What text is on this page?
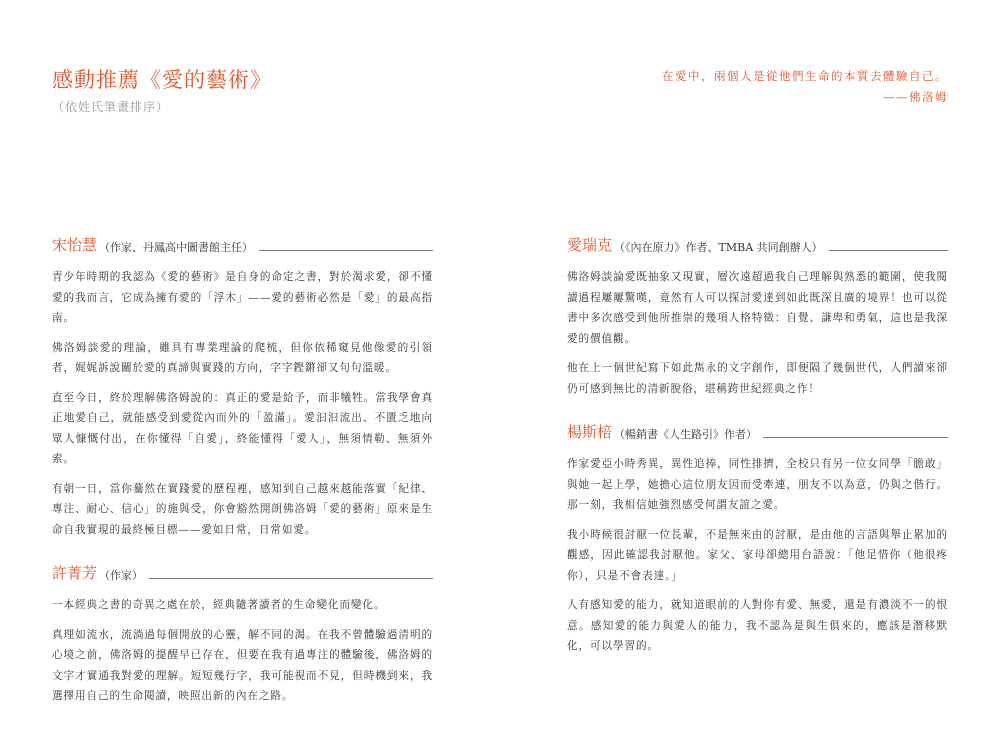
感動推薦《愛的藝術》
（依姓氏筆畫排序）
在愛中，兩個人是從他們生命的本質去體驗自己。
——佛洛姆
宋怡慧 （作家、丹鳳高中圖書館主任）

青少年時期的我認為《愛的藝術》是自身的命定之書，對於渴求愛，卻不懂愛的我而言，它成為擁有愛的「浮木」——愛的藝術必然是「愛」的最高指南。

佛洛姆談愛的理論，雖具有專業理論的爬梳，但你依稀窺見他像愛的引領者，娓娓訴說關於愛的真諦與實踐的方向，字字鏗鏘卻又句句溫暖。

直至今日，終於理解佛洛姆說的：真正的愛是給予，而非犧牲。當我學會真正地愛自己，就能感受到愛從內而外的「盈滿」。愛汩汩流出、不匱乏地向眾人慷慨付出，在你懂得「自愛」，終能懂得「愛人」，無須情勒、無須外索。

有朝一日，當你驀然在實踐愛的歷程裡，感知到自己越來越能落實「紀律、專注、耐心、信心」的施與受，你會豁然開朗佛洛姆「愛的藝術」原來是生命自我實現的最終極目標——愛如日常，日常如愛。

許菁芳 （作家）

一本經典之書的奇異之處在於，經典隨著讀者的生命變化而變化。

真理如流水，流淌過每個開放的心靈，解不同的渴。在我不曾體驗過清明的心境之前，佛洛姆的提醒早已存在，但要在我有過專注的體驗後，佛洛姆的文字才實通我對愛的理解。短短幾行字，我可能視而不見，但時機到來，我選擇用自己的生命閱讀，映照出新的內在之路。

愛瑞克 （《內在原力》作者、TMBA 共同創辦人）

佛洛姆談論愛既抽象又現實，層次遠超過我自己理解與熟悉的範圍，使我閱讀過程屢屢驚嘆，竟然有人可以探討愛達到如此既深且廣的境界！也可以從書中多次感受到他所推崇的幾項人格特徵：自覺、謙卑和勇氣，這也是我深愛的價值觀。

他在上一個世紀寫下如此雋永的文字創作，即便隔了幾個世代，人們讀來卻仍可感到無比的清新脫俗，堪稱跨世紀經典之作！

楊斯棓 （暢銷書《人生路引》作者）

作家愛亞小時秀異，異性追捧，同性排擠，全校只有另一位女同學「膽敢」與她一起上學，她擔心這位朋友因而受牽連，朋友不以為意，仍與之偕行。那一刻，我相信她強烈感受何謂友誼之愛。

我小時候很討厭一位長輩，不是無來由的討厭，是由他的言語與舉止累加的觀感，因此確認我討厭他。家父、家母卻總用台語說：「他足惜你（他很疼你），只是不會表達。」

人有感知愛的能力，就知道眼前的人對你有愛、無愛，還是有濃淡不一的恨意。感知愛的能力與愛人的能力，我不認為是與生俱來的，應該是潛移默化，可以學習的。
